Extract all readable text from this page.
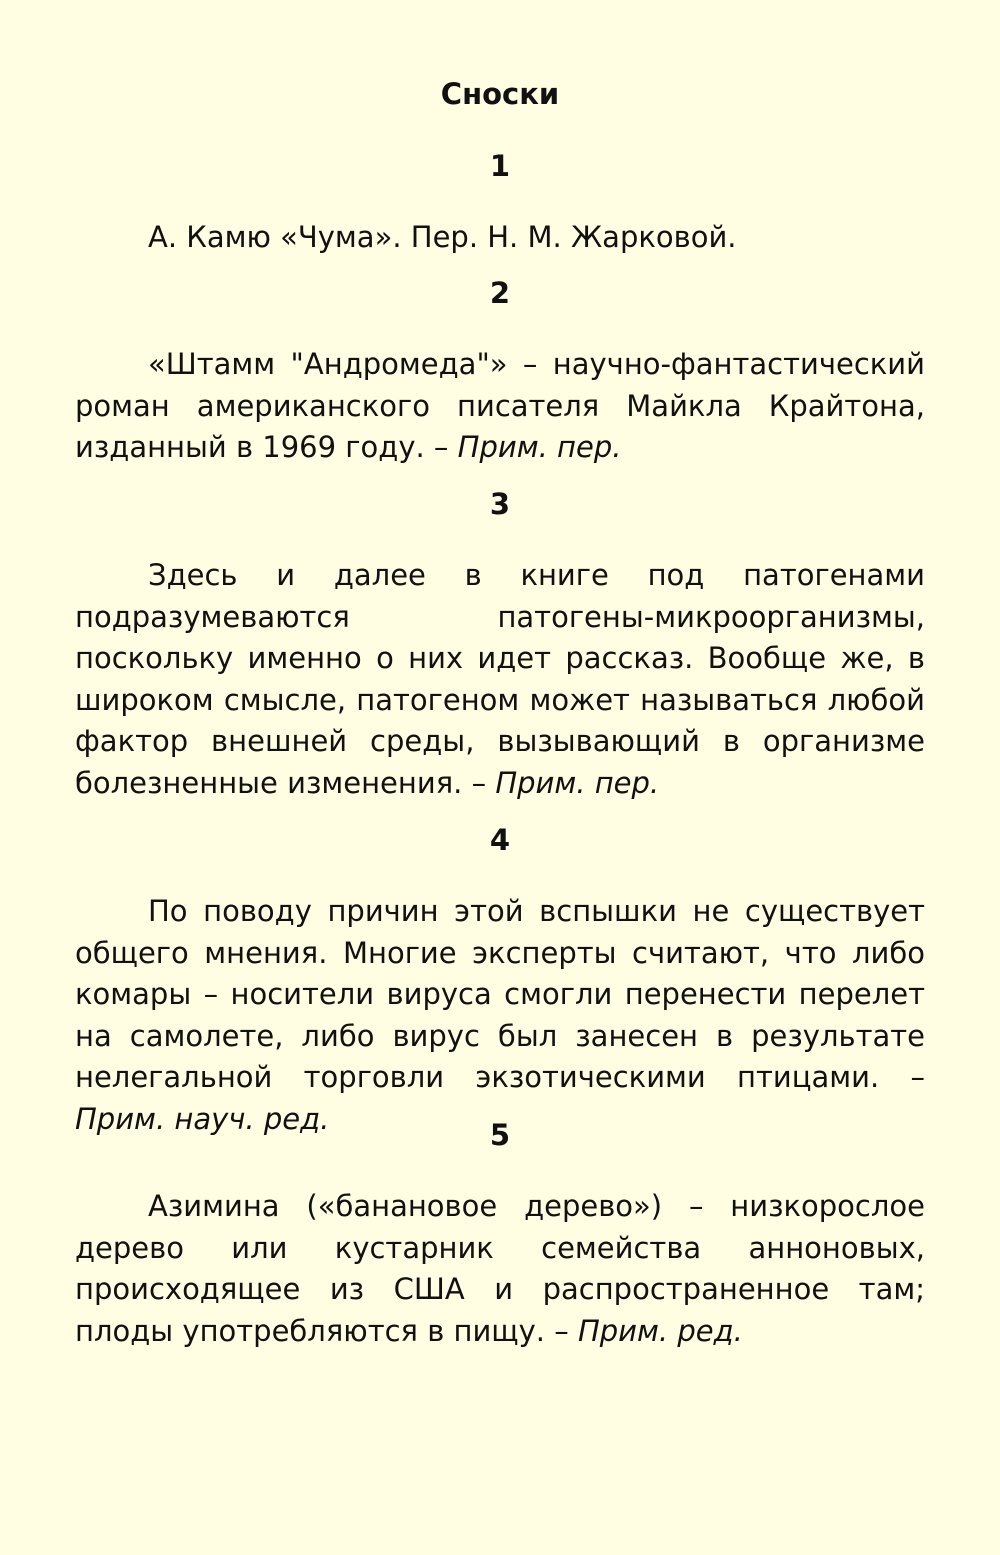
Сноски
1

А. Камю «Чума». Пер. Н. М. Жарковой.

2

«Штамм "Андромеда"» – научно-фантастический роман американского писателя Майкла Крайтона, изданный в 1969 году. – Прим. пер.

3

Здесь и далее в книге под патогенами подразумеваются патогены-микроорганизмы, поскольку именно о них идет рассказ. Вообще же, в широком смысле, патогеном может называться любой фактор внешней среды, вызывающий в организме болезненные изменения. – Прим. пер.

4

По поводу причин этой вспышки не существует общего мнения. Многие эксперты считают, что либо комары – носители вируса смогли перенести перелет на самолете, либо вирус был занесен в результате нелегальной торговли экзотическими птицами. – Прим. науч. ред.	5

Азимина («банановое дерево») – низкорослое дерево или кустарник семейства анноновых, происходящее из США и распространенное там; плоды употребляются в пищу. – Прим. ред.
